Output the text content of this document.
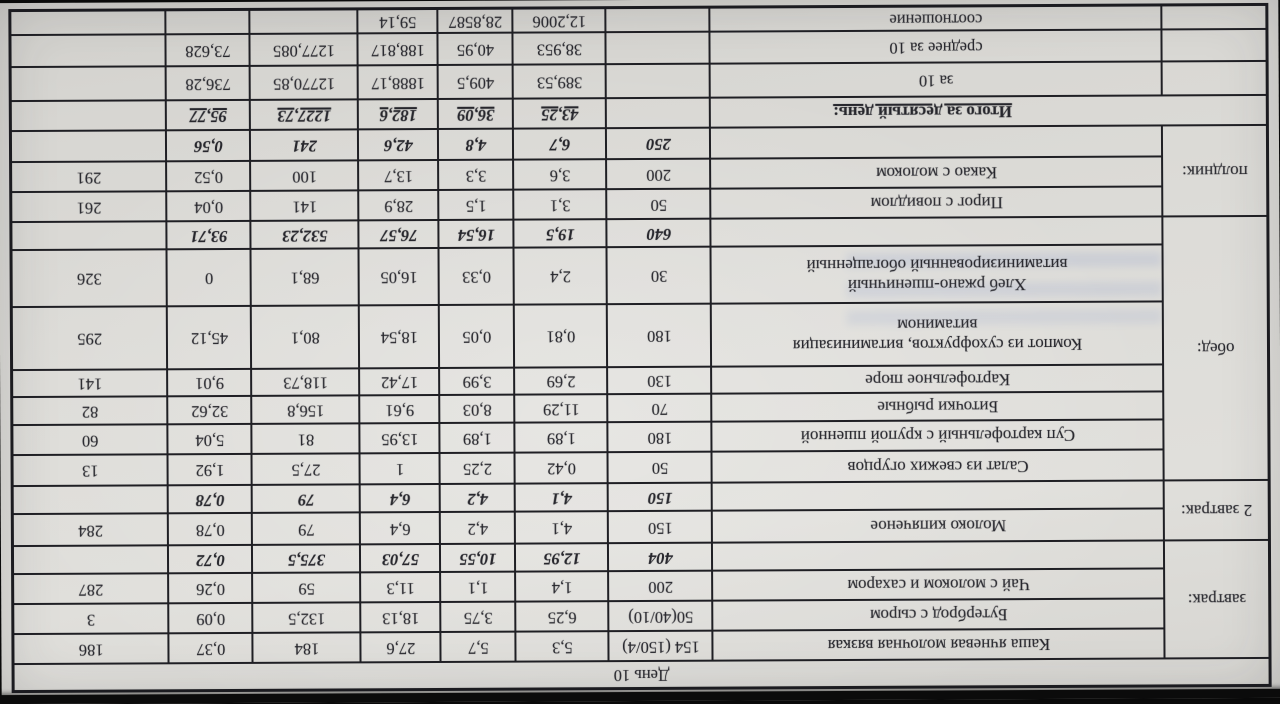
День 10								
завтрак:	Каша ячневая молочная вязкая	154 (150/4)	5,3	5,7	27,6	184	0,37	186
	Бутерброд с сыром	50(40/10)	6,25	3,75	18,13	132,5	0,09	3
	Чай с молоком и сахаром	200	1,4	1,1	11,3	59	0,26	287
		404	12,95	10,55	57,03	375,5	0,72	
2 завтрак:	Молоко кипяченое	150	4,1	4,2	6,4	79	0,78	284
		150	4,1	4,2	6,4	79	0,78	
обед:	Салат из свежих огурцов	50	0,42	2,25	1	27,5	1,92	13
	Суп картофельный с крупой пшенной	180	1,89	1,89	13,95	81	5,04	60
	Биточки рыбные	70	11,29	8,03	9,61	156,8	32,62	82
	Картофельное пюре	130	2,69	3,99	17,42	118,73	9,01	141
	Компот из сухофруктов, витаминизация
витамином	180	0,81	0,05	18,54	80,1	45,12	295
	Хлеб ржано-пшеничный
витаминизированный обогащенный	30	2,4	0,33	16,05	68,1	0	326
		640	19,5	16,54	76,57	532,23	93,71	
полдник:	Пирог с повидлом	50	3,1	1,5	28,9	141	0,04	261
	Какао с молоком	200	3,6	3,3	13,7	100	0,52	291
		250	6,7	4,8	42,6	241	0,56	
Итого за десятый день:			43,25	36,09	182,6	1227,73	95,77	
	за 10		389,53	409,5	1888,17	12770,85	736,28	
	среднее за 10		38,953	40,95	188,817	1277,085	73,628	
	соотношение		12,2006	28,8587	59,14			
